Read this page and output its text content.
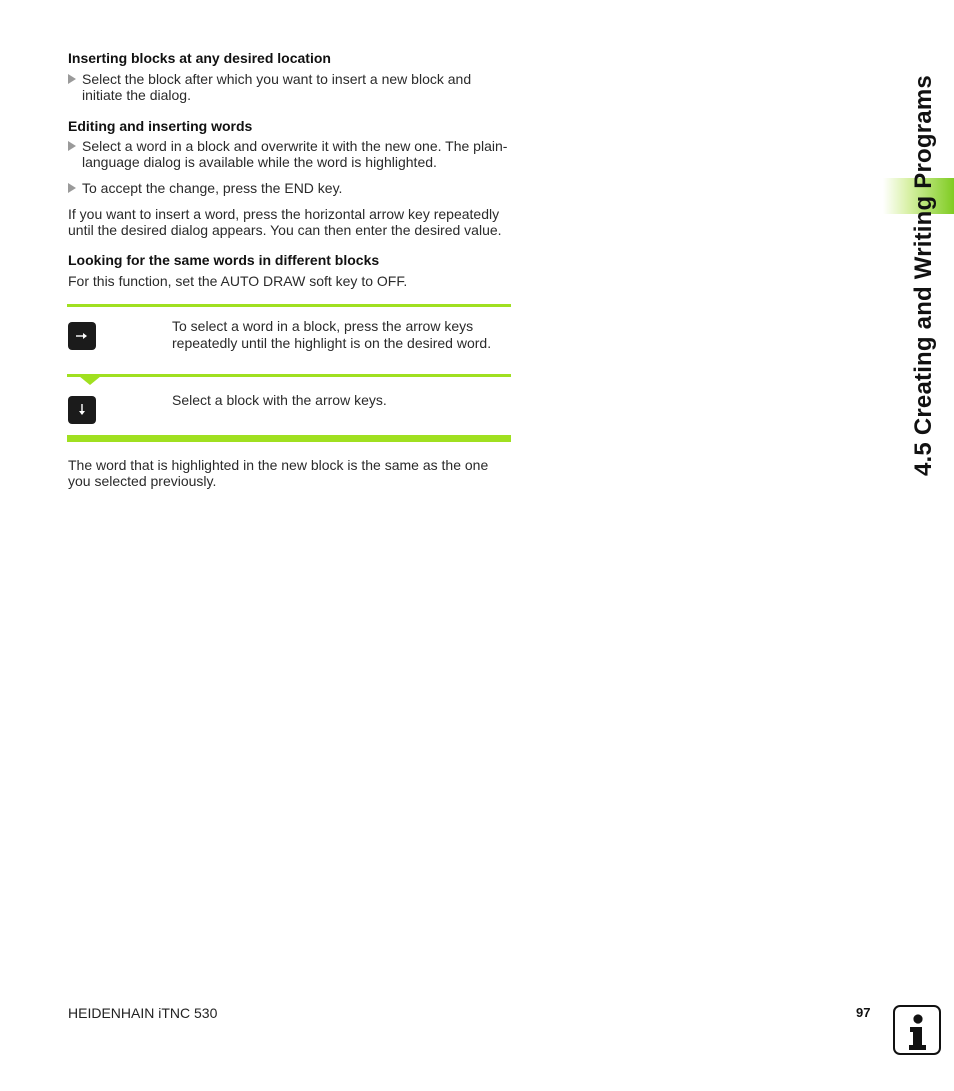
Inserting blocks at any desired location
Select the block after which you want to insert a new block and
initiate the dialog.
Editing and inserting words
Select a word in a block and overwrite it with the new one. The plain-
language dialog is available while the word is highlighted.
To accept the change, press the END key.
If you want to insert a word, press the horizontal arrow key repeatedly
until the desired dialog appears. You can then enter the desired value.
Looking for the same words in different blocks
For this function, set the AUTO DRAW soft key to OFF.
To select a word in a block, press the arrow keys
repeatedly until the highlight is on the desired word.
Select a block with the arrow keys.
The word that is highlighted in the new block is the same as the one
you selected previously.
4.5 Creating and Writing Programs
HEIDENHAIN iTNC 530	97
